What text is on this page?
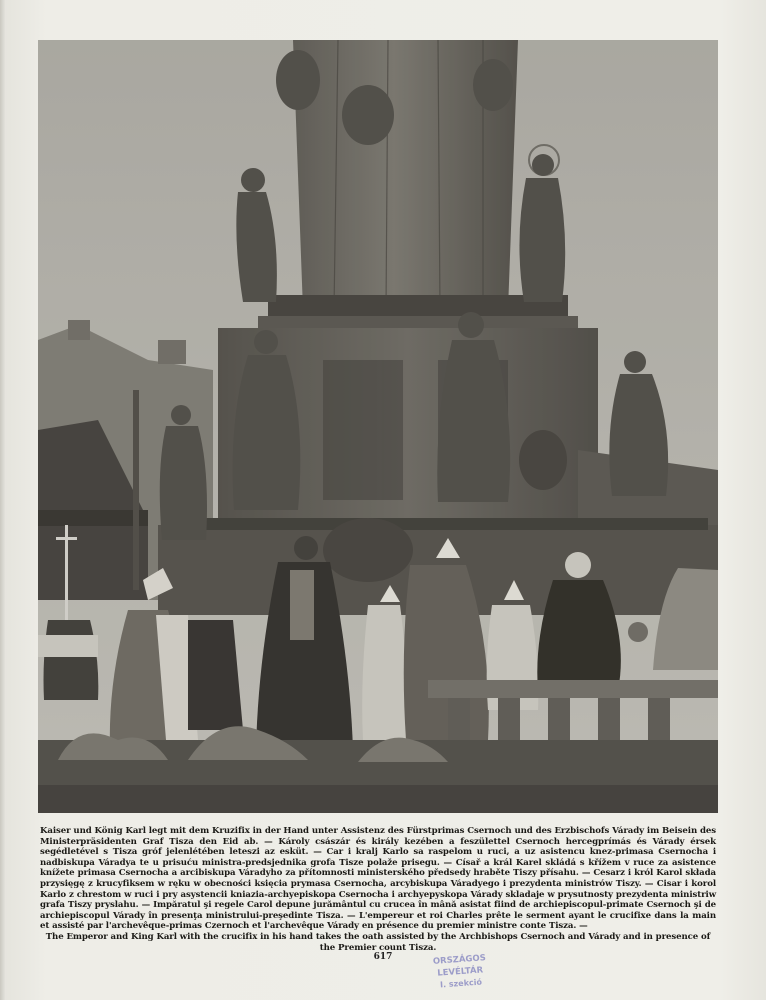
Kaiser und König Karl legt mit dem Kruzifix in der Hand unter Assistenz des Fürstprimas Csernoch und des Erzbischofs Várady im Beisein des Ministerpräsidenten Graf Tisza den Eid ab. — Károly császár és király kezében a feszülettel Csernoch hercegprímás és Várady érsek segédletével s Tisza gróf jelenlétében leteszi az esküt. — Car i kralj Karlo sa raspelom u ruci, a uz asistencu knez-primasa Csernocha i nadbiskupa Váradya te u prisuću ministra-predsjednika grofa Tisze polaže prisegu. — Císař a král Karel skládá s křížem v ruce za asistence knížete primasa Csernocha a arcibiskupa Váradyho za přítomnosti ministerského předsedy hraběte Tiszy přísahu. — Cesarz i król Karol składa przysięgę z krucyfiksem w ręku w obecności księcia prymasa Csernocha, arcybiskupa Váradyego i prezydenta ministrów Tiszy. — Cisar i korol Karlo z chrestom w ruci i pry asystencii kniazia-archyepiskopa Csernocha i archyepyskopa Várady skladaje w prysutnosty prezydenta ministriw grafa Tiszy pryslahu. — Impăratul şi regele Carol depune jurământul cu crucea în mână asistat fiind de archiepiscopul-primate Csernoch şi de archiepiscopul Várady în presenţa ministrului-preşedinte Tisza. — L'empereur et roi Charles prête le serment ayant le crucifixe dans la main et assisté par l'archevêque-primas Czernoch et l'archevêque Várady en présence du premier ministre conte Tisza. —
The Emperor and King Karl with the crucifix in his hand takes the oath assisted by the Archbishops Csernoch and Várady and in presence of the Premier count Tisza.
617	ORSZÁGOS LEVÉLTÁR
I. szekció
